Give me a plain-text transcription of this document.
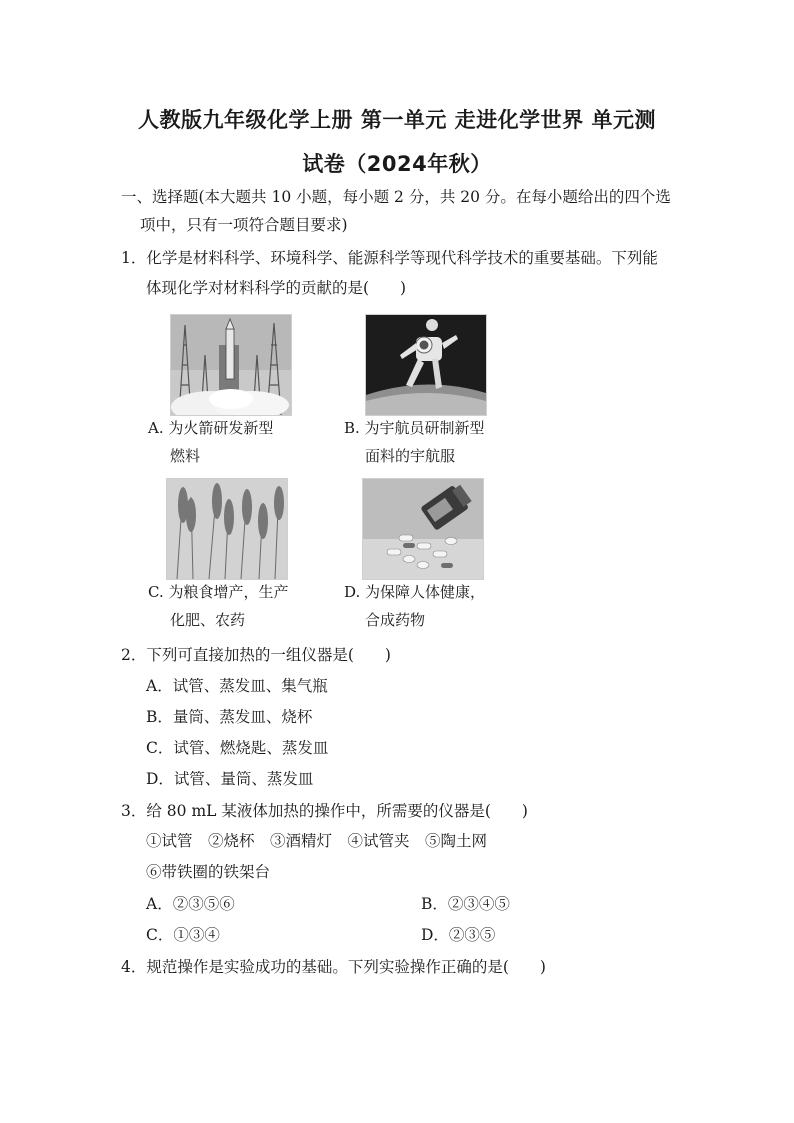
人教版九年级化学上册 第一单元 走进化学世界 单元测
试卷（2024年秋）
一、选择题(本大题共 10 小题，每小题 2 分，共 20 分。在每小题给出的四个选
项中，只有一项符合题目要求)
1．化学是材料科学、环境科学、能源科学等现代科学技术的重要基础。下列能
体现化学对材料科学的贡献的是(　　)
A. 为火箭研发新型
燃料
B. 为宇航员研制新型
面料的宇航服
C. 为粮食增产，生产
化肥、农药
D. 为保障人体健康，
合成药物
2．下列可直接加热的一组仪器是(　　)
A．试管、蒸发皿、集气瓶
B．量筒、蒸发皿、烧杯
C．试管、燃烧匙、蒸发皿
D．试管、量筒、蒸发皿
3．给 80 mL 某液体加热的操作中，所需要的仪器是(　　)
①试管　②烧杯　③酒精灯　④试管夹　⑤陶土网
⑥带铁圈的铁架台
A．②③⑤⑥	B．②③④⑤
C．①③④	D．②③⑤
4．规范操作是实验成功的基础。下列实验操作正确的是(　　)
